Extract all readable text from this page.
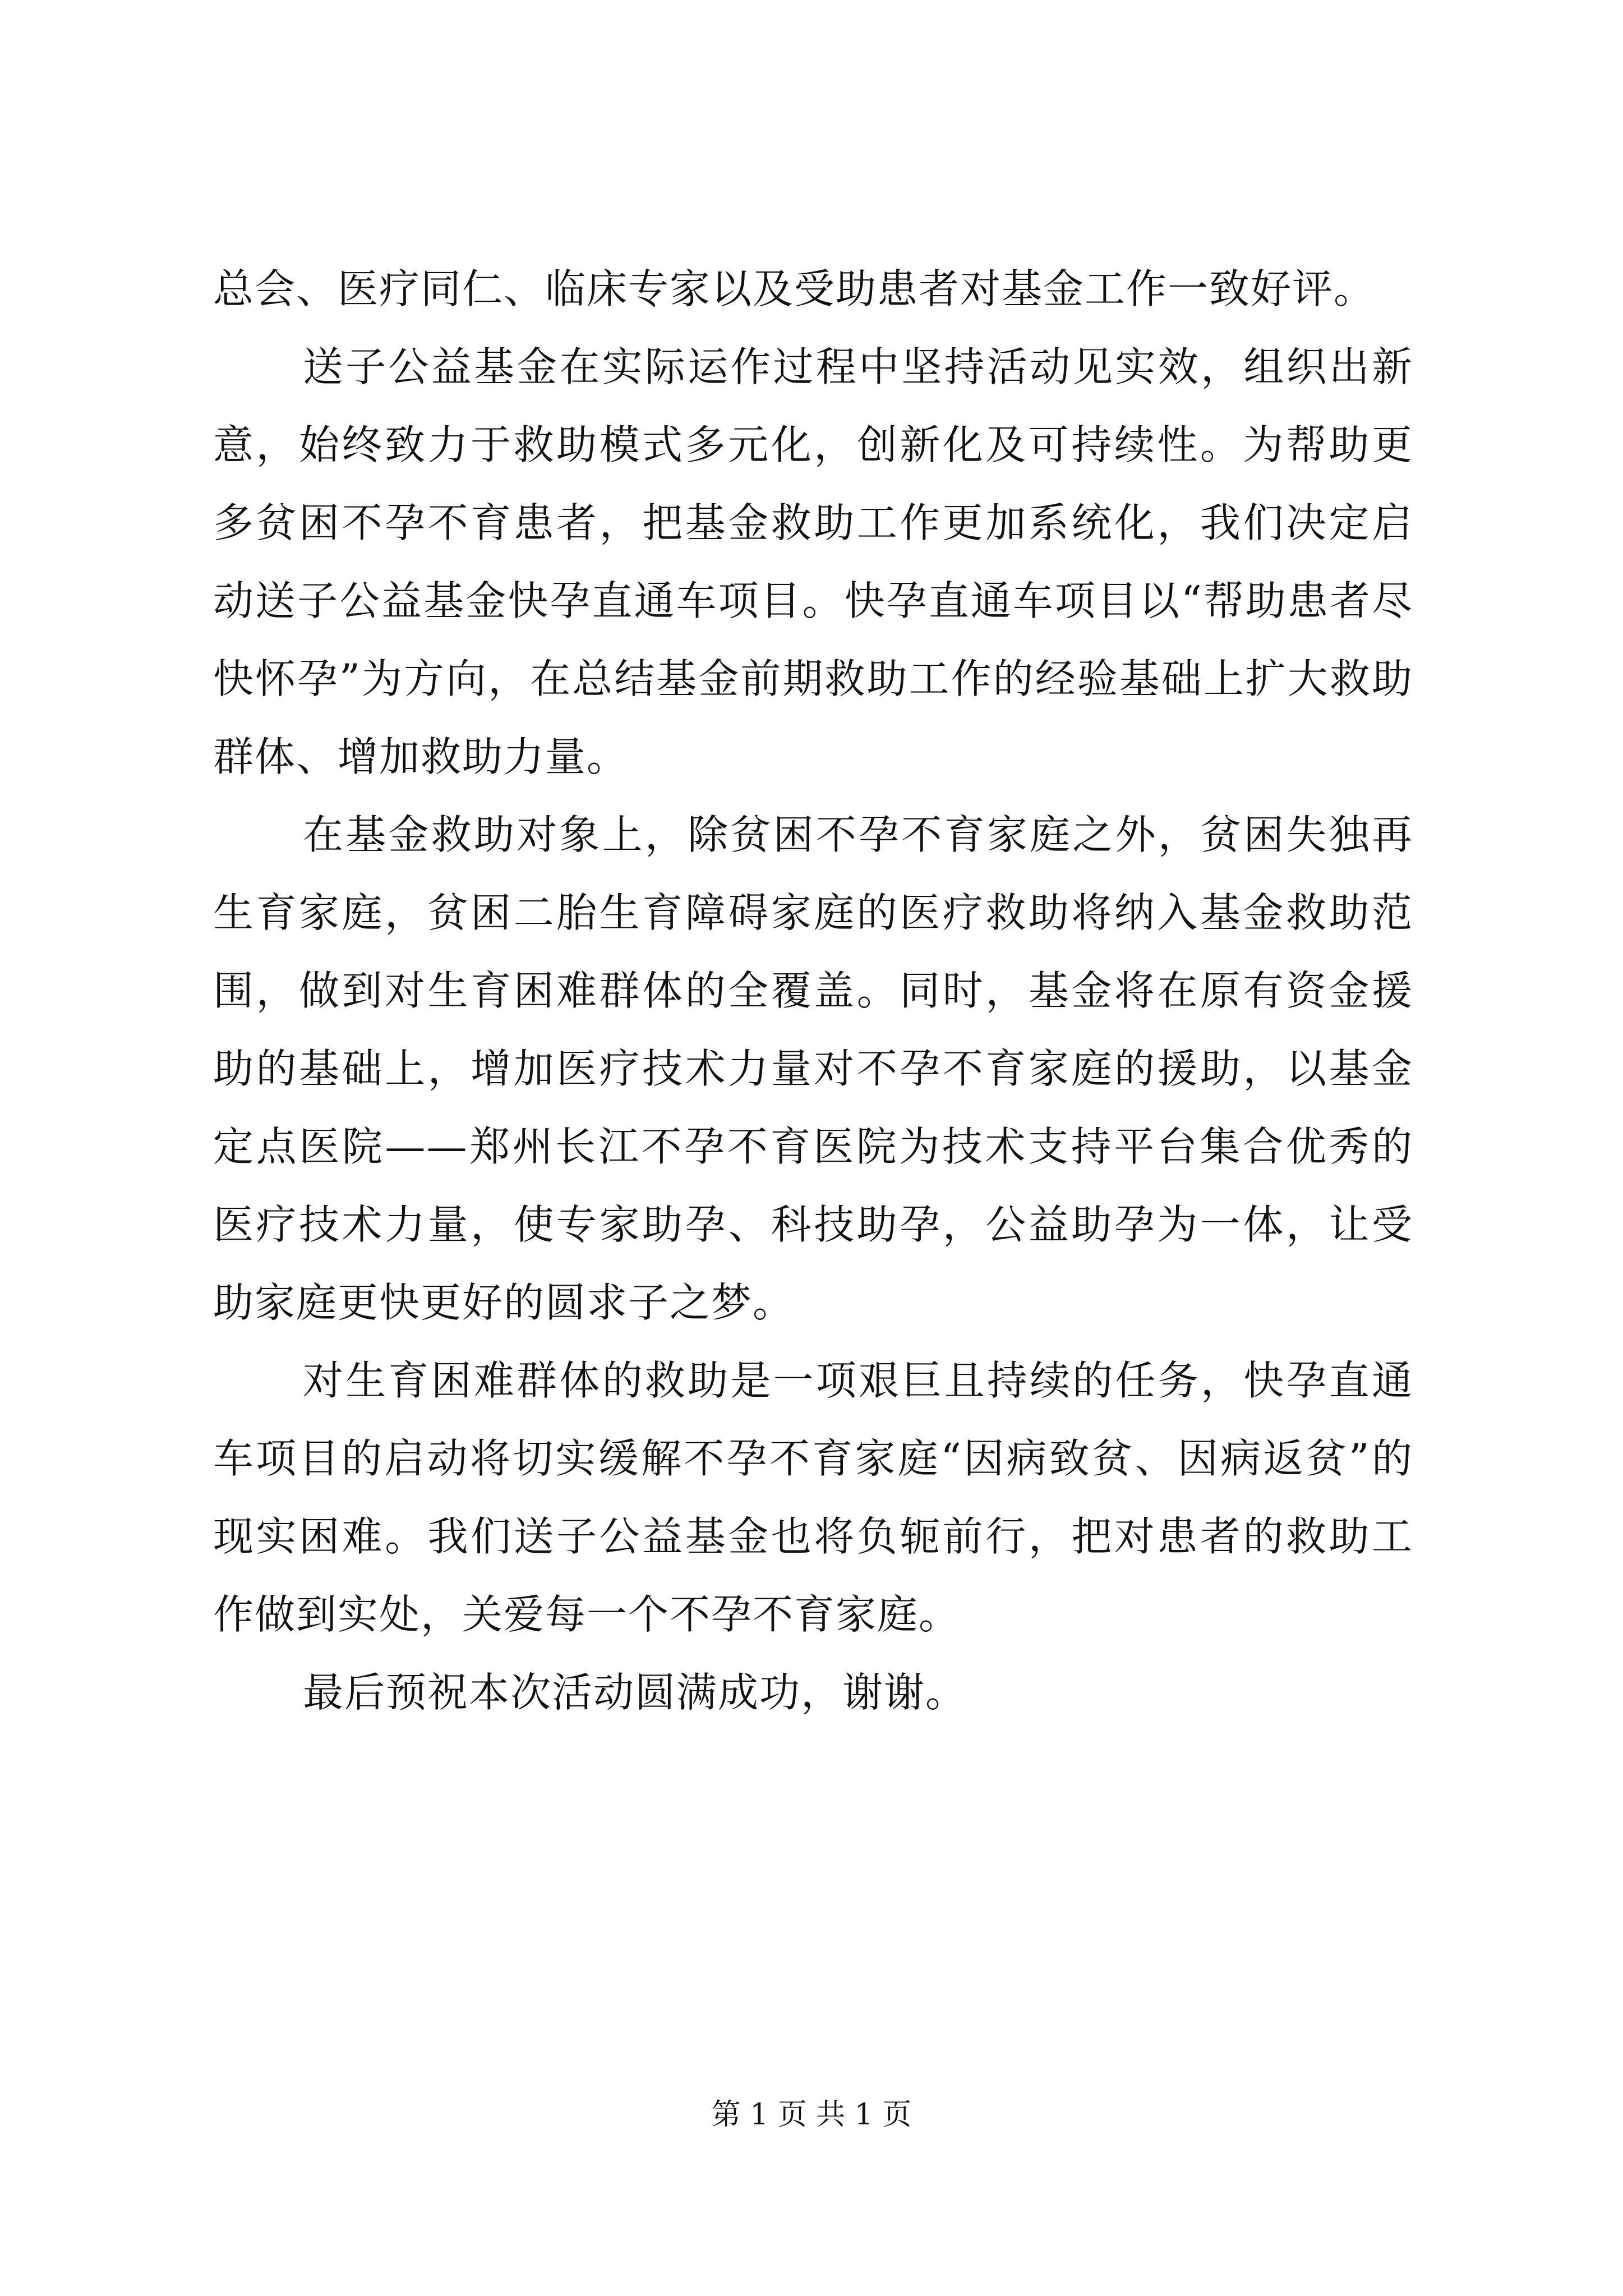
总会、医疗同仁、临床专家以及受助患者对基金工作一致好评。

送子公益基金在实际运作过程中坚持活动见实效，组织出新意，始终致力于救助模式多元化，创新化及可持续性。为帮助更多贫困不孕不育患者，把基金救助工作更加系统化，我们决定启动送子公益基金快孕直通车项目。快孕直通车项目以“帮助患者尽快怀孕”为方向，在总结基金前期救助工作的经验基础上扩大救助群体、增加救助力量。

在基金救助对象上，除贫困不孕不育家庭之外，贫困失独再生育家庭，贫困二胎生育障碍家庭的医疗救助将纳入基金救助范围，做到对生育困难群体的全覆盖。同时，基金将在原有资金援助的基础上，增加医疗技术力量对不孕不育家庭的援助，以基金定点医院——郑州长江不孕不育医院为技术支持平台集合优秀的医疗技术力量，使专家助孕、科技助孕，公益助孕为一体，让受助家庭更快更好的圆求子之梦。

对生育困难群体的救助是一项艰巨且持续的任务，快孕直通车项目的启动将切实缓解不孕不育家庭“因病致贫、因病返贫”的现实困难。我们送子公益基金也将负轭前行，把对患者的救助工作做到实处，关爱每一个不孕不育家庭。

最后预祝本次活动圆满成功，谢谢。

第 1 页 共 1 页
